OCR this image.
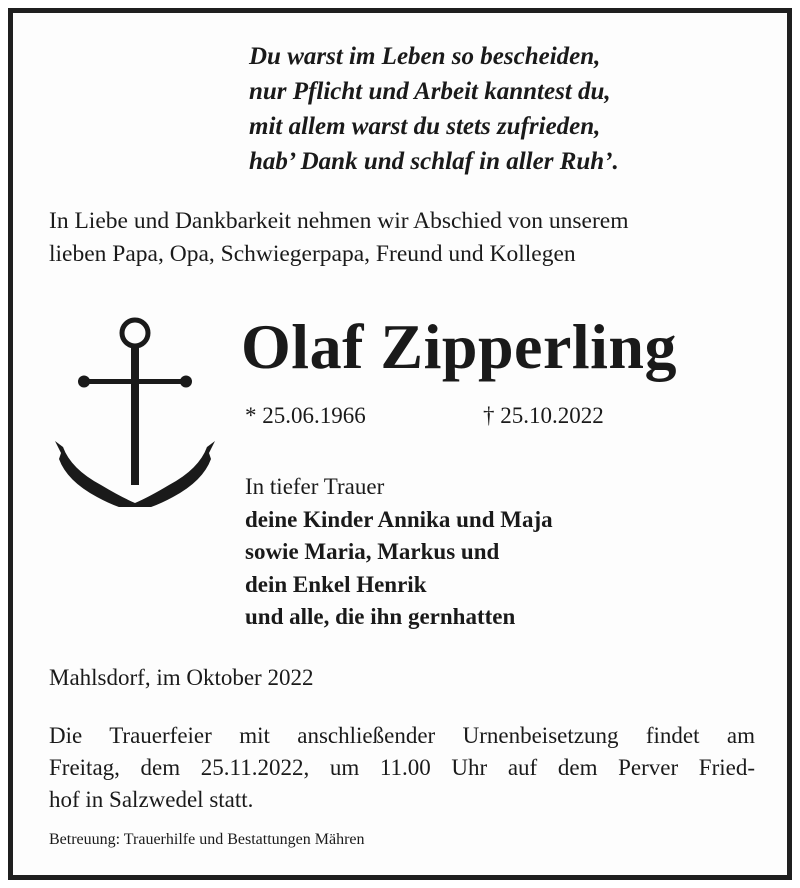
Du warst im Leben so bescheiden,
nur Pflicht und Arbeit kanntest du,
mit allem warst du stets zufrieden,
hab’ Dank und schlaf in aller Ruh’.
In Liebe und Dankbarkeit nehmen wir Abschied von unserem
lieben Papa, Opa, Schwiegerpapa, Freund und Kollegen
Olaf Zipperling
* 25.06.1966	† 25.10.2022
In tiefer Trauer
deine Kinder Annika und Maja
sowie Maria, Markus und
dein Enkel Henrik
und alle, die ihn gernhatten
Mahlsdorf, im Oktober 2022
Die Trauerfeier mit anschließender Urnenbeisetzung findet am
Freitag, dem 25.11.2022, um 11.00 Uhr auf dem Perver Fried-
hof in Salzwedel statt.
Betreuung: Trauerhilfe und Bestattungen Mähren
